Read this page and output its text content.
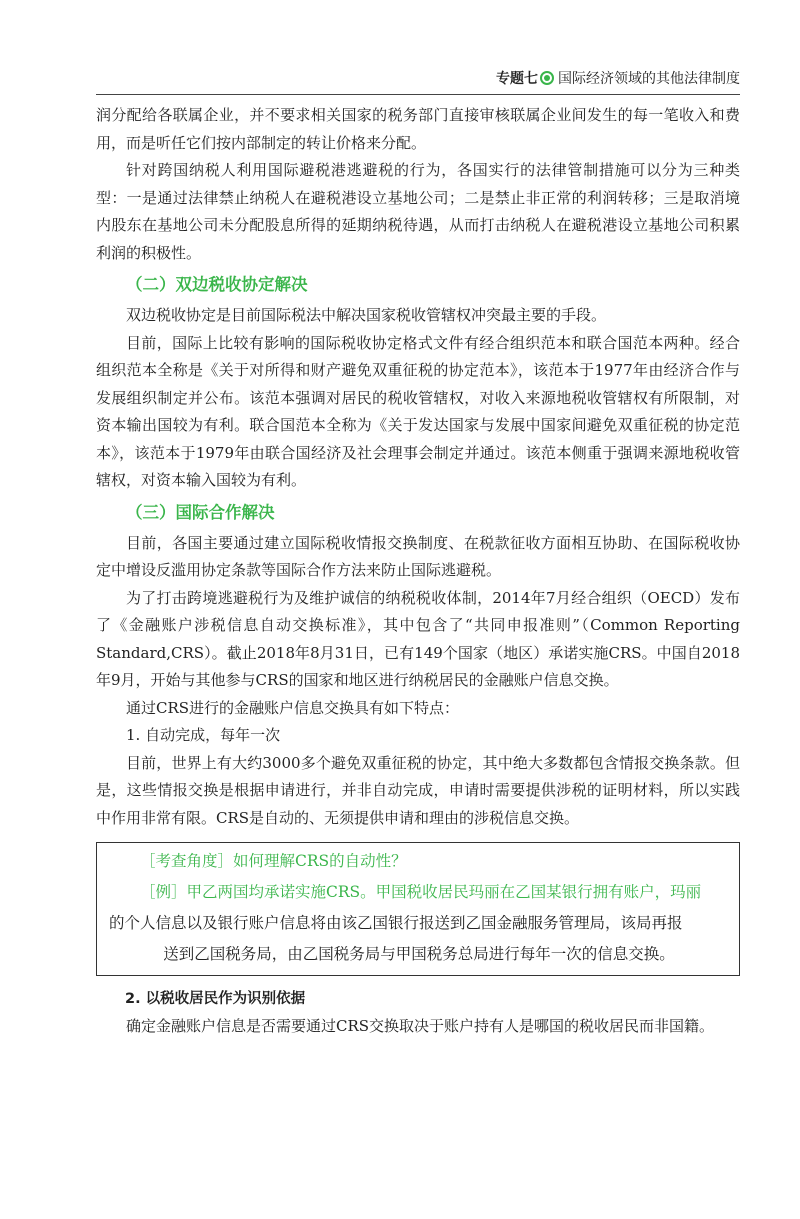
专题七 国际经济领域的其他法律制度

润分配给各联属企业，并不要求相关国家的税务部门直接审核联属企业间发生的每一笔收入和费用，而是听任它们按内部制定的转让价格来分配。

针对跨国纳税人利用国际避税港逃避税的行为，各国实行的法律管制措施可以分为三种类型：一是通过法律禁止纳税人在避税港设立基地公司；二是禁止非正常的利润转移；三是取消境内股东在基地公司未分配股息所得的延期纳税待遇，从而打击纳税人在避税港设立基地公司积累利润的积极性。

（二）双边税收协定解决

双边税收协定是目前国际税法中解决国家税收管辖权冲突最主要的手段。

目前，国际上比较有影响的国际税收协定格式文件有经合组织范本和联合国范本两种。经合组织范本全称是《关于对所得和财产避免双重征税的协定范本》，该范本于1977年由经济合作与发展组织制定并公布。该范本强调对居民的税收管辖权，对收入来源地税收管辖权有所限制，对资本输出国较为有利。联合国范本全称为《关于发达国家与发展中国家间避免双重征税的协定范本》，该范本于1979年由联合国经济及社会理事会制定并通过。该范本侧重于强调来源地税收管辖权，对资本输入国较为有利。

（三）国际合作解决

目前，各国主要通过建立国际税收情报交换制度、在税款征收方面相互协助、在国际税收协定中增设反滥用协定条款等国际合作方法来防止国际逃避税。

为了打击跨境逃避税行为及维护诚信的纳税税收体制，2014年7月经合组织（OECD）发布了《金融账户涉税信息自动交换标准》，其中包含了“共同申报准则”（Common Reporting Standard,CRS）。截止2018年8月31日，已有149个国家（地区）承诺实施CRS。中国自2018年9月，开始与其他参与CRS的国家和地区进行纳税居民的金融账户信息交换。

通过CRS进行的金融账户信息交换具有如下特点：

1. 自动完成，每年一次

目前，世界上有大约3000多个避免双重征税的协定，其中绝大多数都包含情报交换条款。但是，这些情报交换是根据申请进行，并非自动完成，申请时需要提供涉税的证明材料，所以实践中作用非常有限。CRS是自动的、无须提供申请和理由的涉税信息交换。

［考查角度］如何理解CRS的自动性？

［例］甲乙两国均承诺实施CRS。甲国税收居民玛丽在乙国某银行拥有账户，玛丽

的个人信息以及银行账户信息将由该乙国银行报送到乙国金融服务管理局，该局再报

送到乙国税务局，由乙国税务局与甲国税务总局进行每年一次的信息交换。

2. 以税收居民作为识别依据

确定金融账户信息是否需要通过CRS交换取决于账户持有人是哪国的税收居民而非国籍。
